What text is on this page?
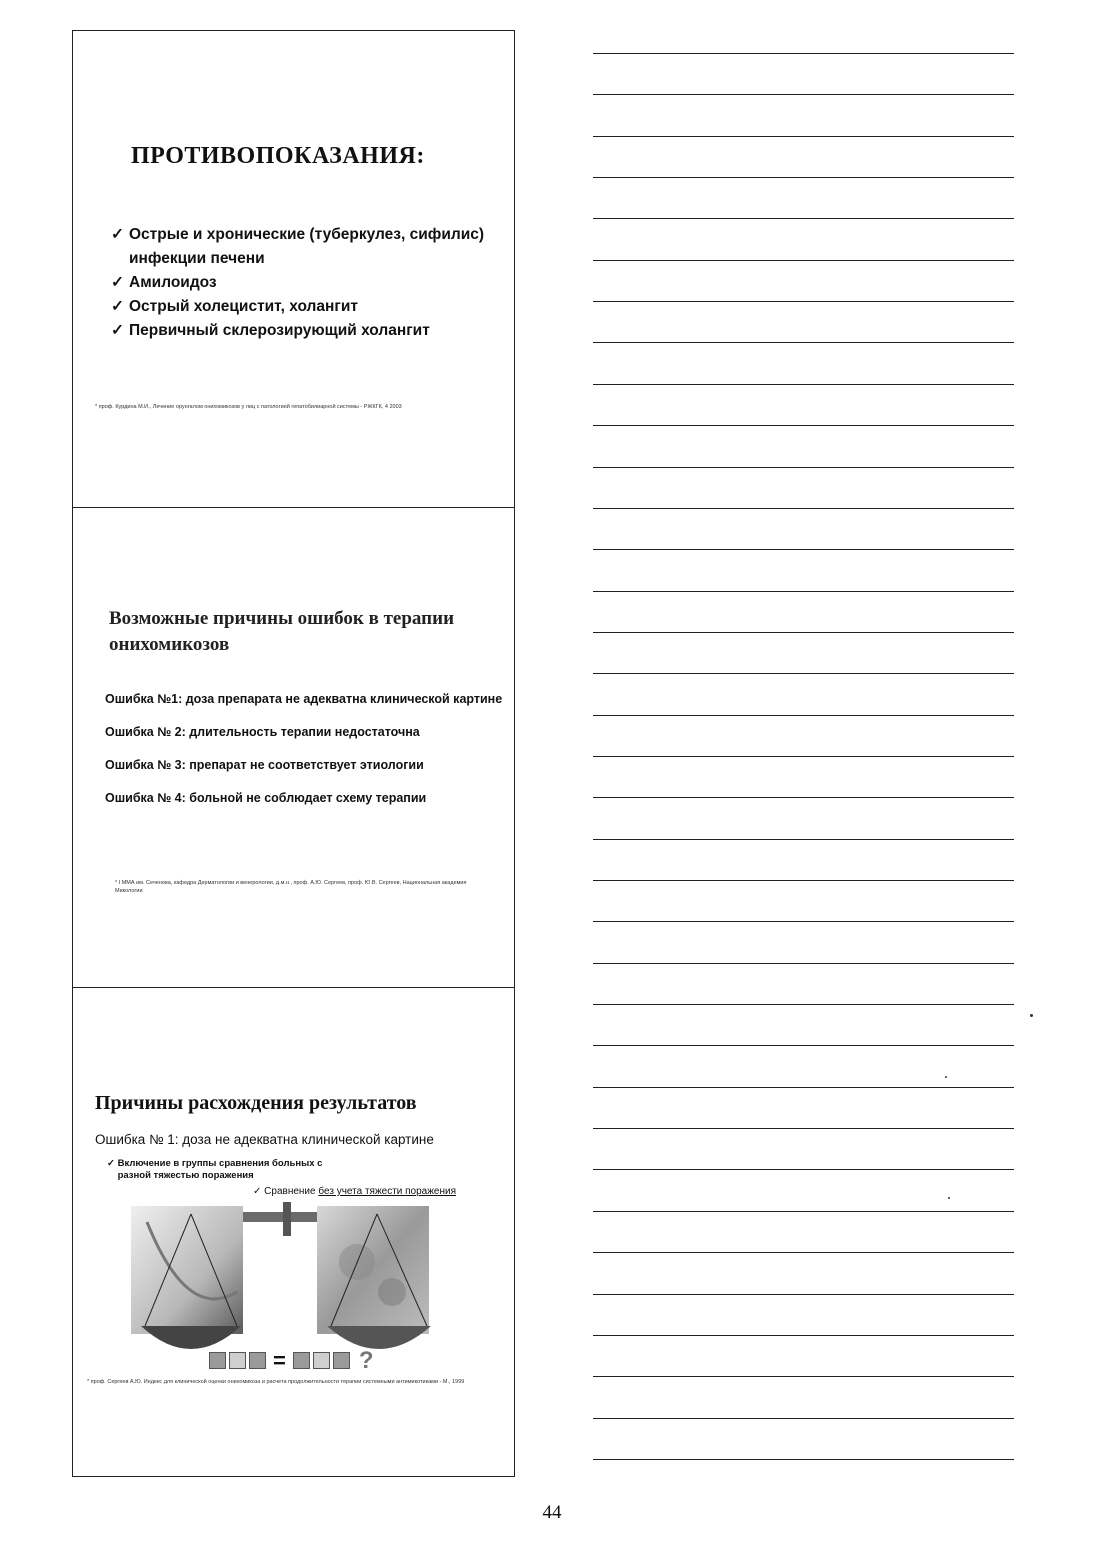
ПРОТИВОПОКАЗАНИЯ:
✓ Острые и хронические (туберкулез, сифилис) инфекции печени
✓ Амилоидоз
✓ Острый холецистит, холангит
✓ Первичный склерозирующий холангит
* проф. Курдина М.И., Лечение орунгалом онихомикозов у лиц с патологией гепатобилиарной системы - РЖКГК, 4 2003
Возможные причины ошибок в терапии онихомикозов
Ошибка №1: доза препарата не адекватна клинической картине
Ошибка № 2: длительность терапии недостаточна
Ошибка № 3: препарат не соответствует этиологии
Ошибка № 4: больной не соблюдает схему терапии
* I ММА им. Сеченова, кафедра Дерматологии и венерологии, д.м.н., проф. А.Ю. Сергеев, проф. Ю.В. Сергеев, Национальная академия Микологии
Причины расхождения результатов
Ошибка № 1: доза не адекватна клинической картине
✓ Включение в группы сравнения больных с разной тяжестью поражения
✓ Сравнение без учета тяжести поражения
=	?
* проф. Сергеев А.Ю. Индекс для клинической оценки онихомикоза и расчета продолжительности терапии системными антимикотиками - М., 1999
44
